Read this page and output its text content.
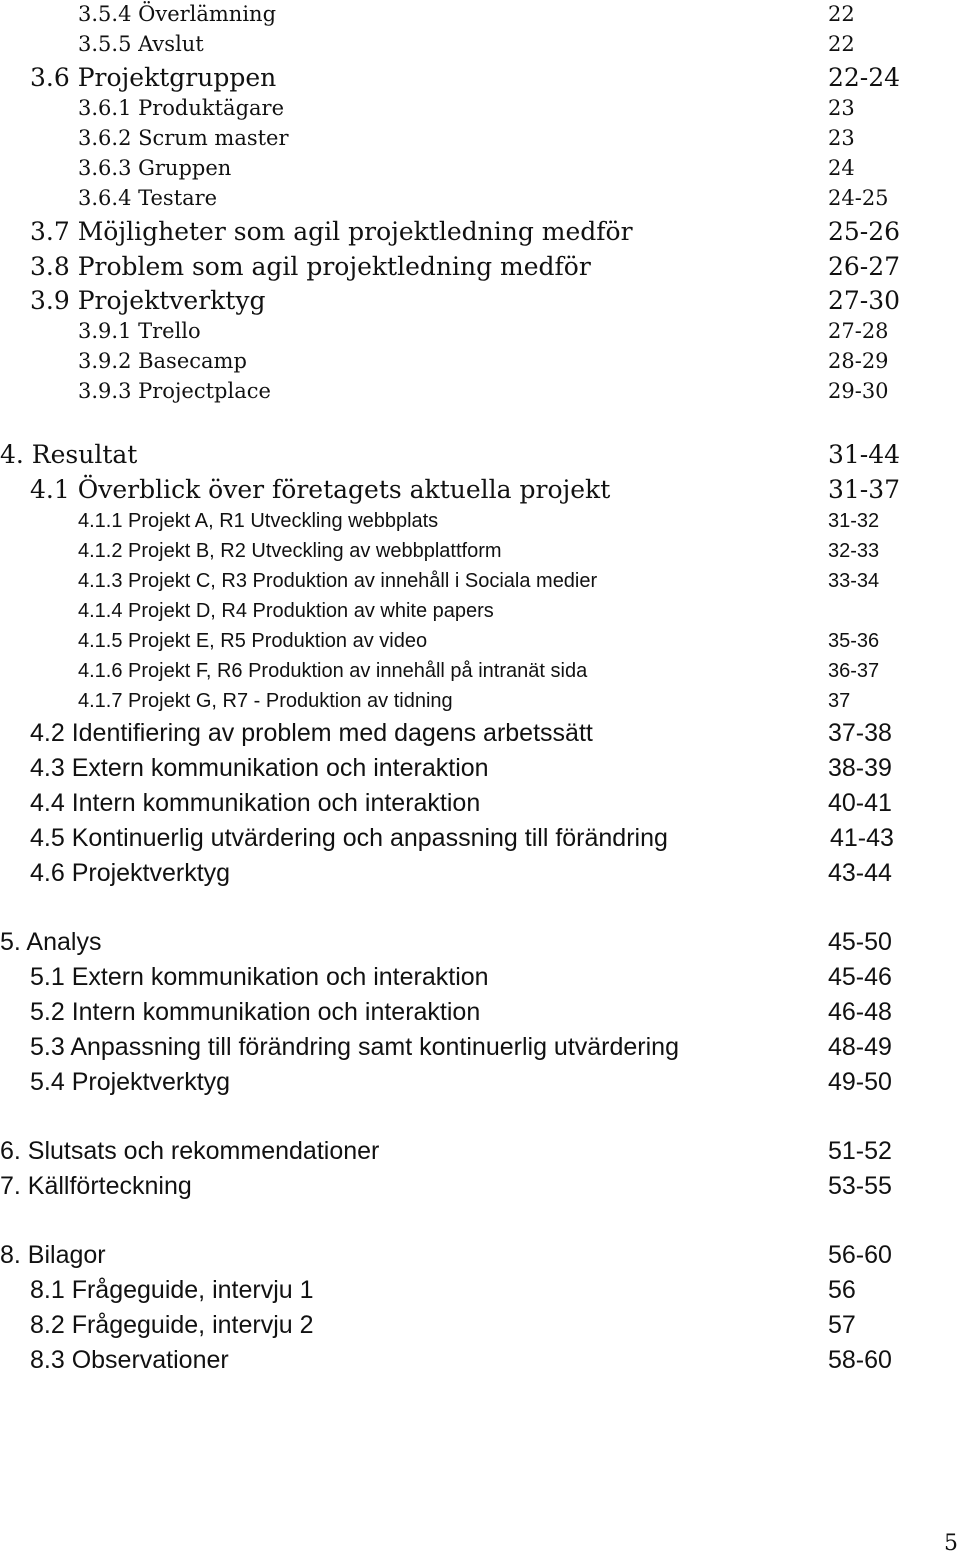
3.5.4 Överlämning	22
3.5.5 Avslut	22
3.6 Projektgruppen	22-24
3.6.1 Produktägare	23
3.6.2 Scrum master	23
3.6.3 Gruppen	24
3.6.4 Testare	24-25
3.7 Möjligheter som agil projektledning medför	25-26
3.8 Problem som agil projektledning medför	26-27
3.9 Projektverktyg	27-30
3.9.1 Trello	27-28
3.9.2 Basecamp	28-29
3.9.3 Projectplace	29-30
4. Resultat	31-44
4.1 Överblick över företagets aktuella projekt	31-37
4.1.1 Projekt A, R1 Utveckling webbplats	31-32
4.1.2 Projekt B, R2 Utveckling av webbplattform	32-33
4.1.3 Projekt C, R3 Produktion av innehåll i Sociala medier	33-34
4.1.4 Projekt D, R4 Produktion av white papers
4.1.5 Projekt E, R5 Produktion av video	35-36
4.1.6 Projekt F, R6 Produktion av innehåll på intranät sida	36-37
4.1.7 Projekt G, R7 - Produktion av tidning	37
4.2 Identifiering av problem med dagens arbetssätt	37-38
4.3 Extern kommunikation och interaktion	38-39
4.4 Intern kommunikation och interaktion	40-41
4.5 Kontinuerlig utvärdering och anpassning till förändring	41-43
4.6 Projektverktyg	43-44
5. Analys	45-50
5.1 Extern kommunikation och interaktion	45-46
5.2 Intern kommunikation och interaktion	46-48
5.3 Anpassning till förändring samt kontinuerlig utvärdering	48-49
5.4 Projektverktyg	49-50
6. Slutsats och rekommendationer	51-52
7. Källförteckning	53-55
8. Bilagor	56-60
8.1 Frågeguide, intervju 1	56
8.2 Frågeguide, intervju 2	57
8.3 Observationer	58-60
5
